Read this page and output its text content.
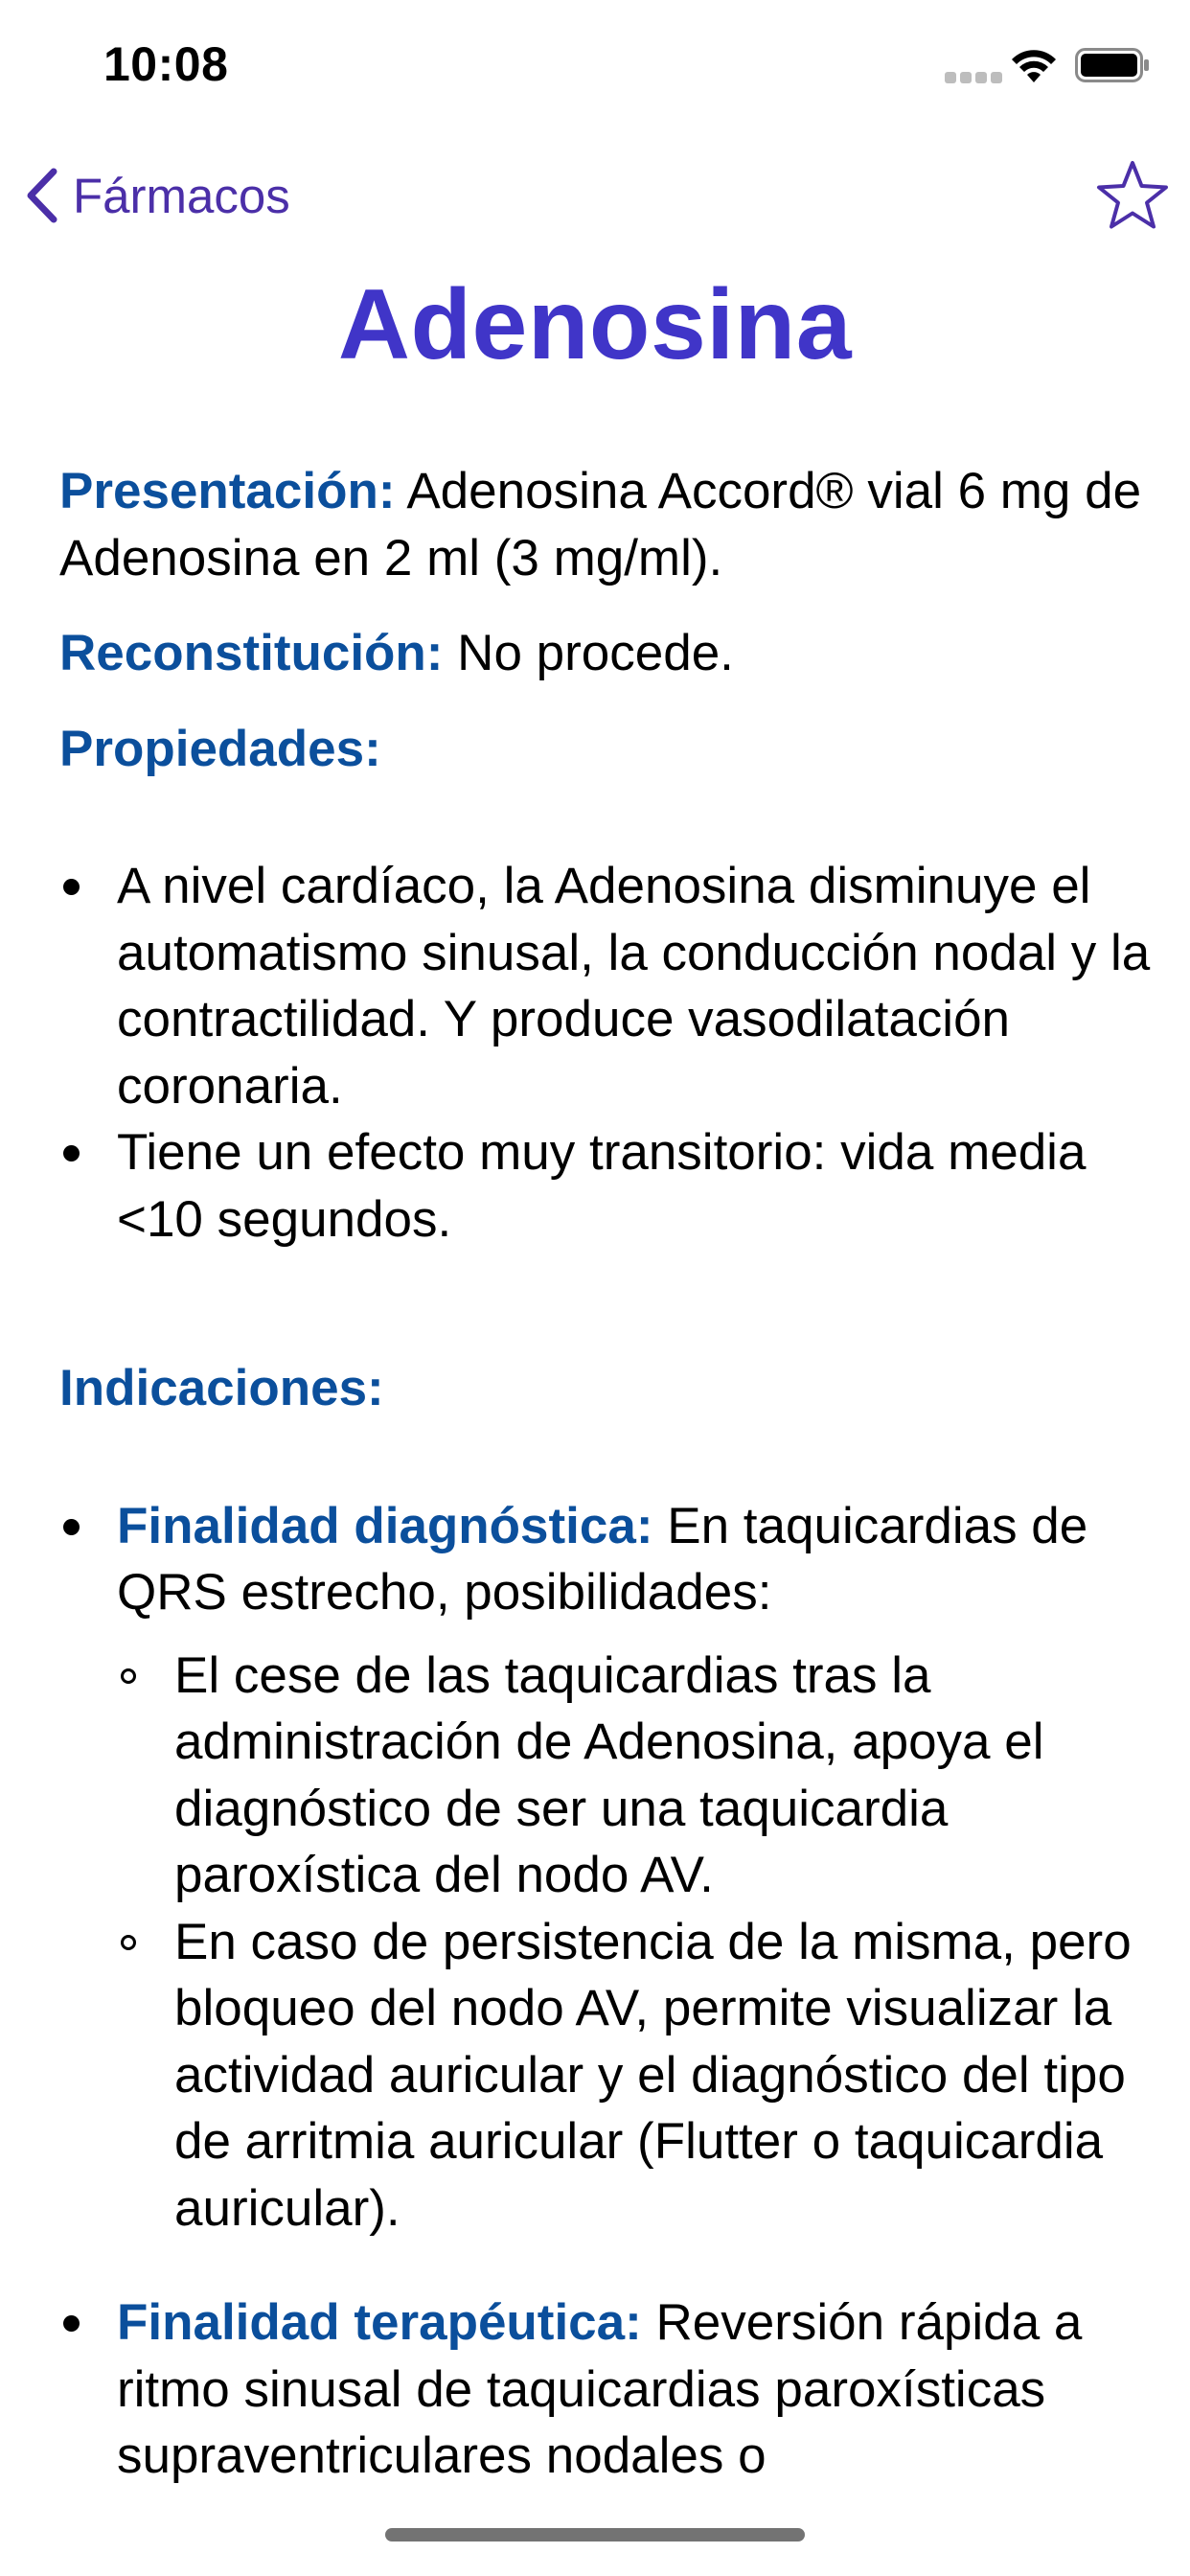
10:08
Fármacos
Adenosina

Presentación: Adenosina Accord® vial 6 mg de Adenosina en 2 ml (3 mg/ml).

Reconstitución: No procede.

Propiedades:

A nivel cardíaco, la Adenosina disminuye el automatismo sinusal, la conducción nodal y la contractilidad. Y produce vasodilatación coronaria.
Tiene un efecto muy transitorio: vida media <10 segundos.

Indicaciones:

Finalidad diagnóstica: En taquicardias de QRS estrecho, posibilidades:
El cese de las taquicardias tras la administración de Adenosina, apoya el diagnóstico de ser una taquicardia paroxística del nodo AV.
En caso de persistencia de la misma, pero bloqueo del nodo AV, permite visualizar la actividad auricular y el diagnóstico del tipo de arritmia auricular (Flutter o taquicardia auricular).
Finalidad terapéutica: Reversión rápida a ritmo sinusal de taquicardias paroxísticas supraventriculares nodales o
